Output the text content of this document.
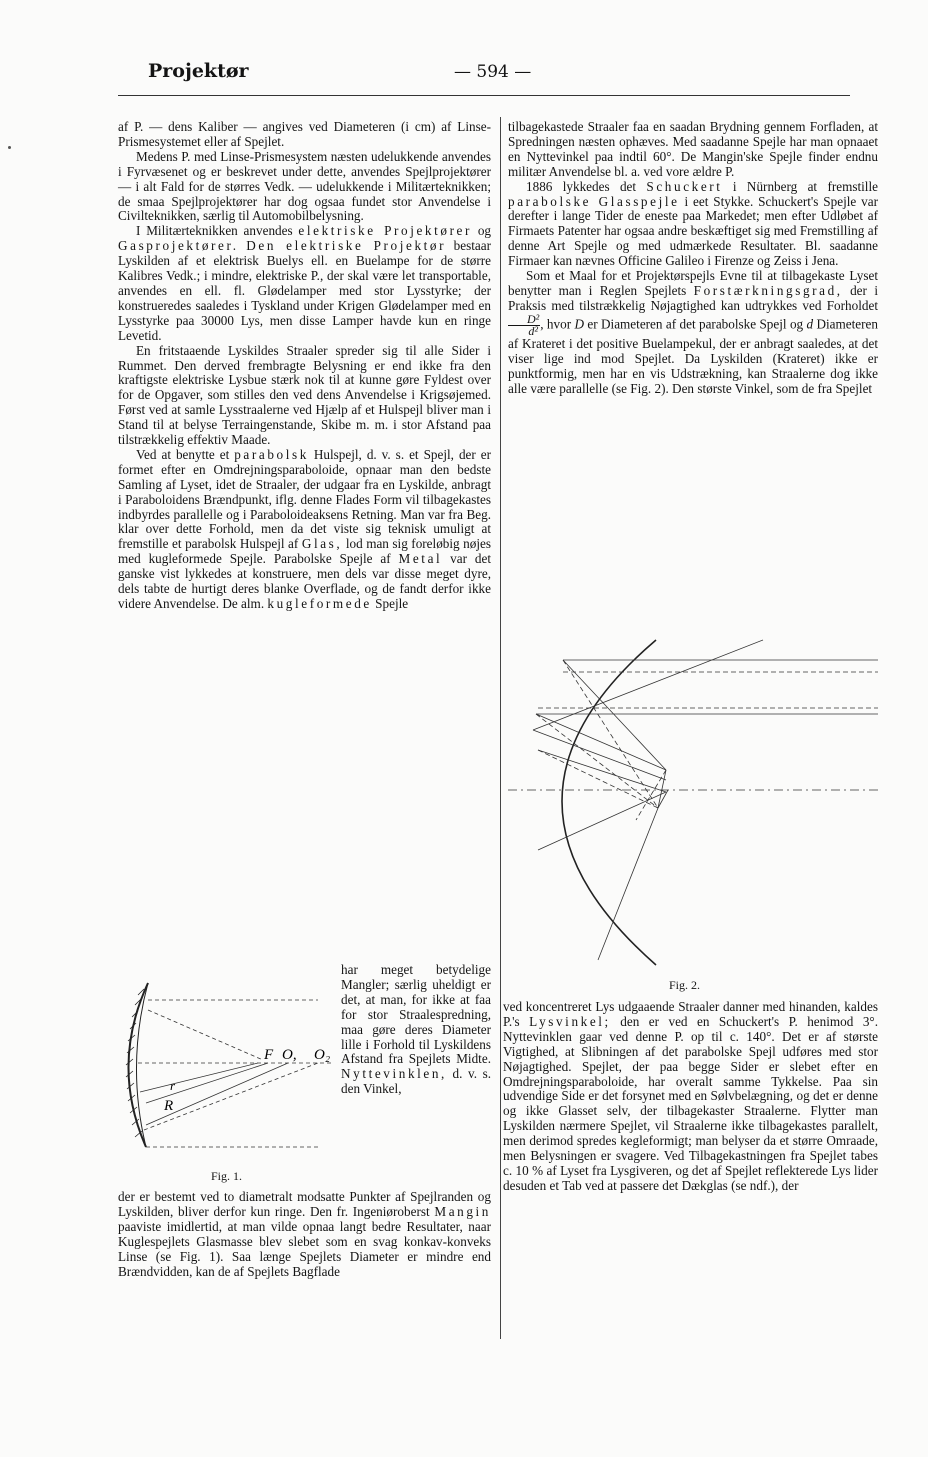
Projektør	— 594 —

af P. — dens Kaliber — angives ved Diameteren (i cm) af Linse-Prismesystemet eller af Spejlet.

Medens P. med Linse-Prismesystem næsten udelukkende anvendes i Fyrvæsenet og er beskrevet under dette, anvendes Spejlprojektører — i alt Fald for de størres Vedk. — udelukkende i Militærteknikken; de smaa Spejlprojektører har dog ogsaa fundet stor Anvendelse i Civilteknikken, særlig til Automobilbelysning.

I Militærteknikken anvendes elektriske Projektører og Gasprojektører. Den elektriske Projektør bestaar Lyskilden af et elektrisk Buelys ell. en Buelampe for de større Kalibres Vedk.; i mindre, elektriske P., der skal være let transportable, anvendes en ell. fl. Glødelamper med stor Lysstyrke; der konstrueredes saaledes i Tyskland under Krigen Glødelamper med en Lysstyrke paa 30000 Lys, men disse Lamper havde kun en ringe Levetid.

En fritstaaende Lyskildes Straaler spreder sig til alle Sider i Rummet. Den derved frembragte Belysning er end ikke fra den kraftigste elektriske Lysbue stærk nok til at kunne gøre Fyldest over for de Opgaver, som stilles den ved dens Anvendelse i Krigsøjemed. Først ved at samle Lysstraalerne ved Hjælp af et Hulspejl bliver man i Stand til at belyse Terraingenstande, Skibe m. m. i stor Afstand paa tilstrækkelig effektiv Maade.

Ved at benytte et parabolsk Hulspejl, d. v. s. et Spejl, der er formet efter en Omdrejningsparaboloide, opnaar man den bedste Samling af Lyset, idet de Straaler, der udgaar fra en Lyskilde, anbragt i Paraboloidens Brændpunkt, iflg. denne Flades Form vil tilbagekastes indbyrdes parallelle og i Paraboloideaksens Retning. Man var fra Beg. klar over dette Forhold, men da det viste sig teknisk umuligt at fremstille et parabolsk Hulspejl af Glas, lod man sig foreløbig nøjes med kugleformede Spejle. Parabolske Spejle af Metal var det ganske vist lykkedes at konstruere, men dels var disse meget dyre, dels tabte de hurtigt deres blanke Overflade, og de fandt derfor ikke videre Anvendelse. De alm. kugleformede Spejle

F O, O₂
r
R
Fig. 1.
har meget betydelige Mangler; særlig uheldigt er det, at man, for ikke at faa for stor Straalespredning, maa gøre deres Diameter lille i Forhold til Lyskildens Afstand fra Spejlets Midte. Nyttevinklen, d. v. s. den Vinkel,
der er bestemt ved to diametralt modsatte Punkter af Spejlranden og Lyskilden, bliver derfor kun ringe. Den fr. Ingeniøroberst Mangin paaviste imidlertid, at man vilde opnaa langt bedre Resultater, naar Kuglespejlets Glasmasse blev slebet som en svag konkav-konveks Linse (se Fig. 1). Saa længe Spejlets Diameter er mindre end Brændvidden, kan de af Spejlets Bagflade

tilbagekastede Straaler faa en saadan Brydning gennem Forfladen, at Spredningen næsten ophæves. Med saadanne Spejle har man opnaaet en Nyttevinkel paa indtil 60°. De Mangin'ske Spejle finder endnu militær Anvendelse bl. a. ved vore ældre P.

1886 lykkedes det Schuckert i Nürnberg at fremstille parabolske Glasspejle i eet Stykke. Schuckert's Spejle var derefter i lange Tider de eneste paa Markedet; men efter Udløbet af Firmaets Patenter har ogsaa andre beskæftiget sig med Fremstilling af denne Art Spejle og med udmærkede Resultater. Bl. saadanne Firmaer kan nævnes Officine Galileo i Firenze og Zeiss i Jena.

Som et Maal for et Projektørspejls Evne til at tilbagekaste Lyset benytter man i Reglen Spejlets Forstærkningsgrad, der i Praksis med tilstrækkelig Nøjagtighed kan udtrykkes ved Forholdet
$\frac{\text{D²}}{\text{d²}}$ , hvor D er Diameteren af det parabolske Spejl og d Diameteren af Krateret i det positive Buelampekul, der er anbragt saaledes, at det viser lige ind mod Spejlet. Da Lyskilden (Krateret) ikke er punktformig, men har en vis Udstrækning, kan Straalerne dog ikke alle være parallelle (se Fig. 2). Den største Vinkel, som de fra Spejlet

Fig. 2.

ved koncentreret Lys udgaaende Straaler danner med hinanden, kaldes P.'s Lysvinkel; den er ved en Schuckert's P. henimod 3°. Nyttevinklen gaar ved denne P. op til c. 140°. Det er af største Vigtighed, at Slibningen af det parabolske Spejl udføres med stor Nøjagtighed. Spejlet, der paa begge Sider er slebet efter en Omdrejningsparaboloide, har overalt samme Tykkelse. Paa sin udvendige Side er det forsynet med en Sølvbelægning, og det er denne og ikke Glasset selv, der tilbagekaster Straalerne. Flytter man Lyskilden nærmere Spejlet, vil Straalerne ikke tilbagekastes parallelt, men derimod spredes kegleformigt; man belyser da et større Omraade, men Belysningen er svagere. Ved Tilbagekastningen fra Spejlet tabes c. 10 % af Lyset fra Lysgiveren, og det af Spejlet reflekterede Lys lider desuden et Tab ved at passere det Dækglas (se ndf.), der
